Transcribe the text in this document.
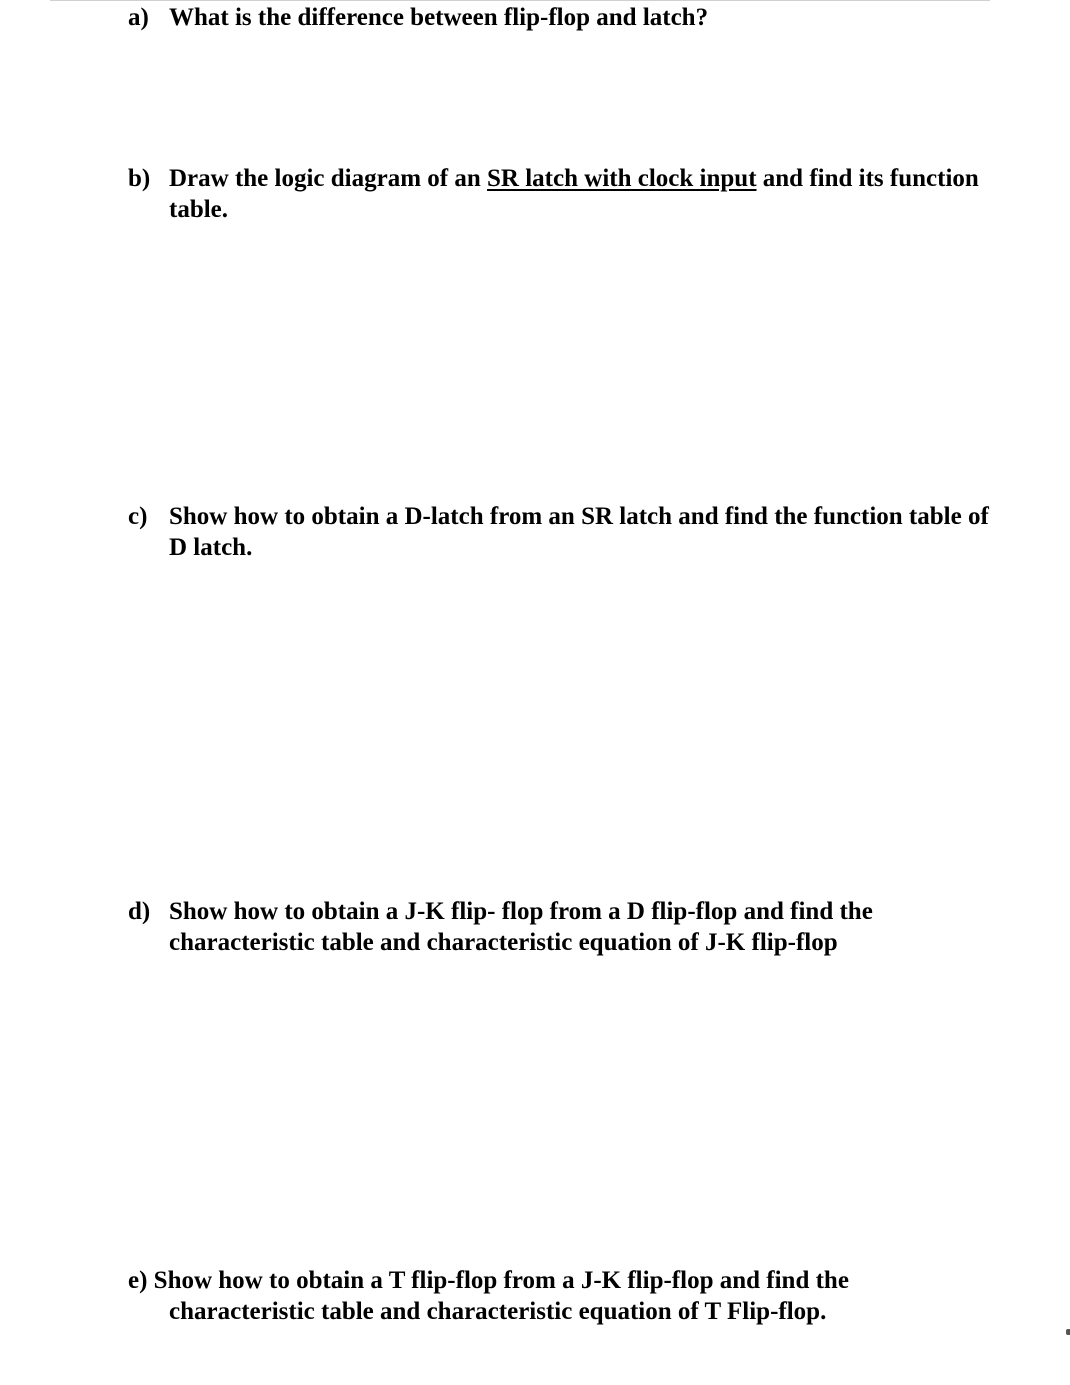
a) What is the difference between flip-flop and latch?
b) Draw the logic diagram of an SR latch with clock input and find its function
table.
c) Show how to obtain a D-latch from an SR latch and find the function table of
D latch.
d) Show how to obtain a J-K flip- flop from a D flip-flop and find the
characteristic table and characteristic equation of J-K flip-flop
e) Show how to obtain a T flip-flop from a J-K flip-flop and find the
characteristic table and characteristic equation of T Flip-flop.
